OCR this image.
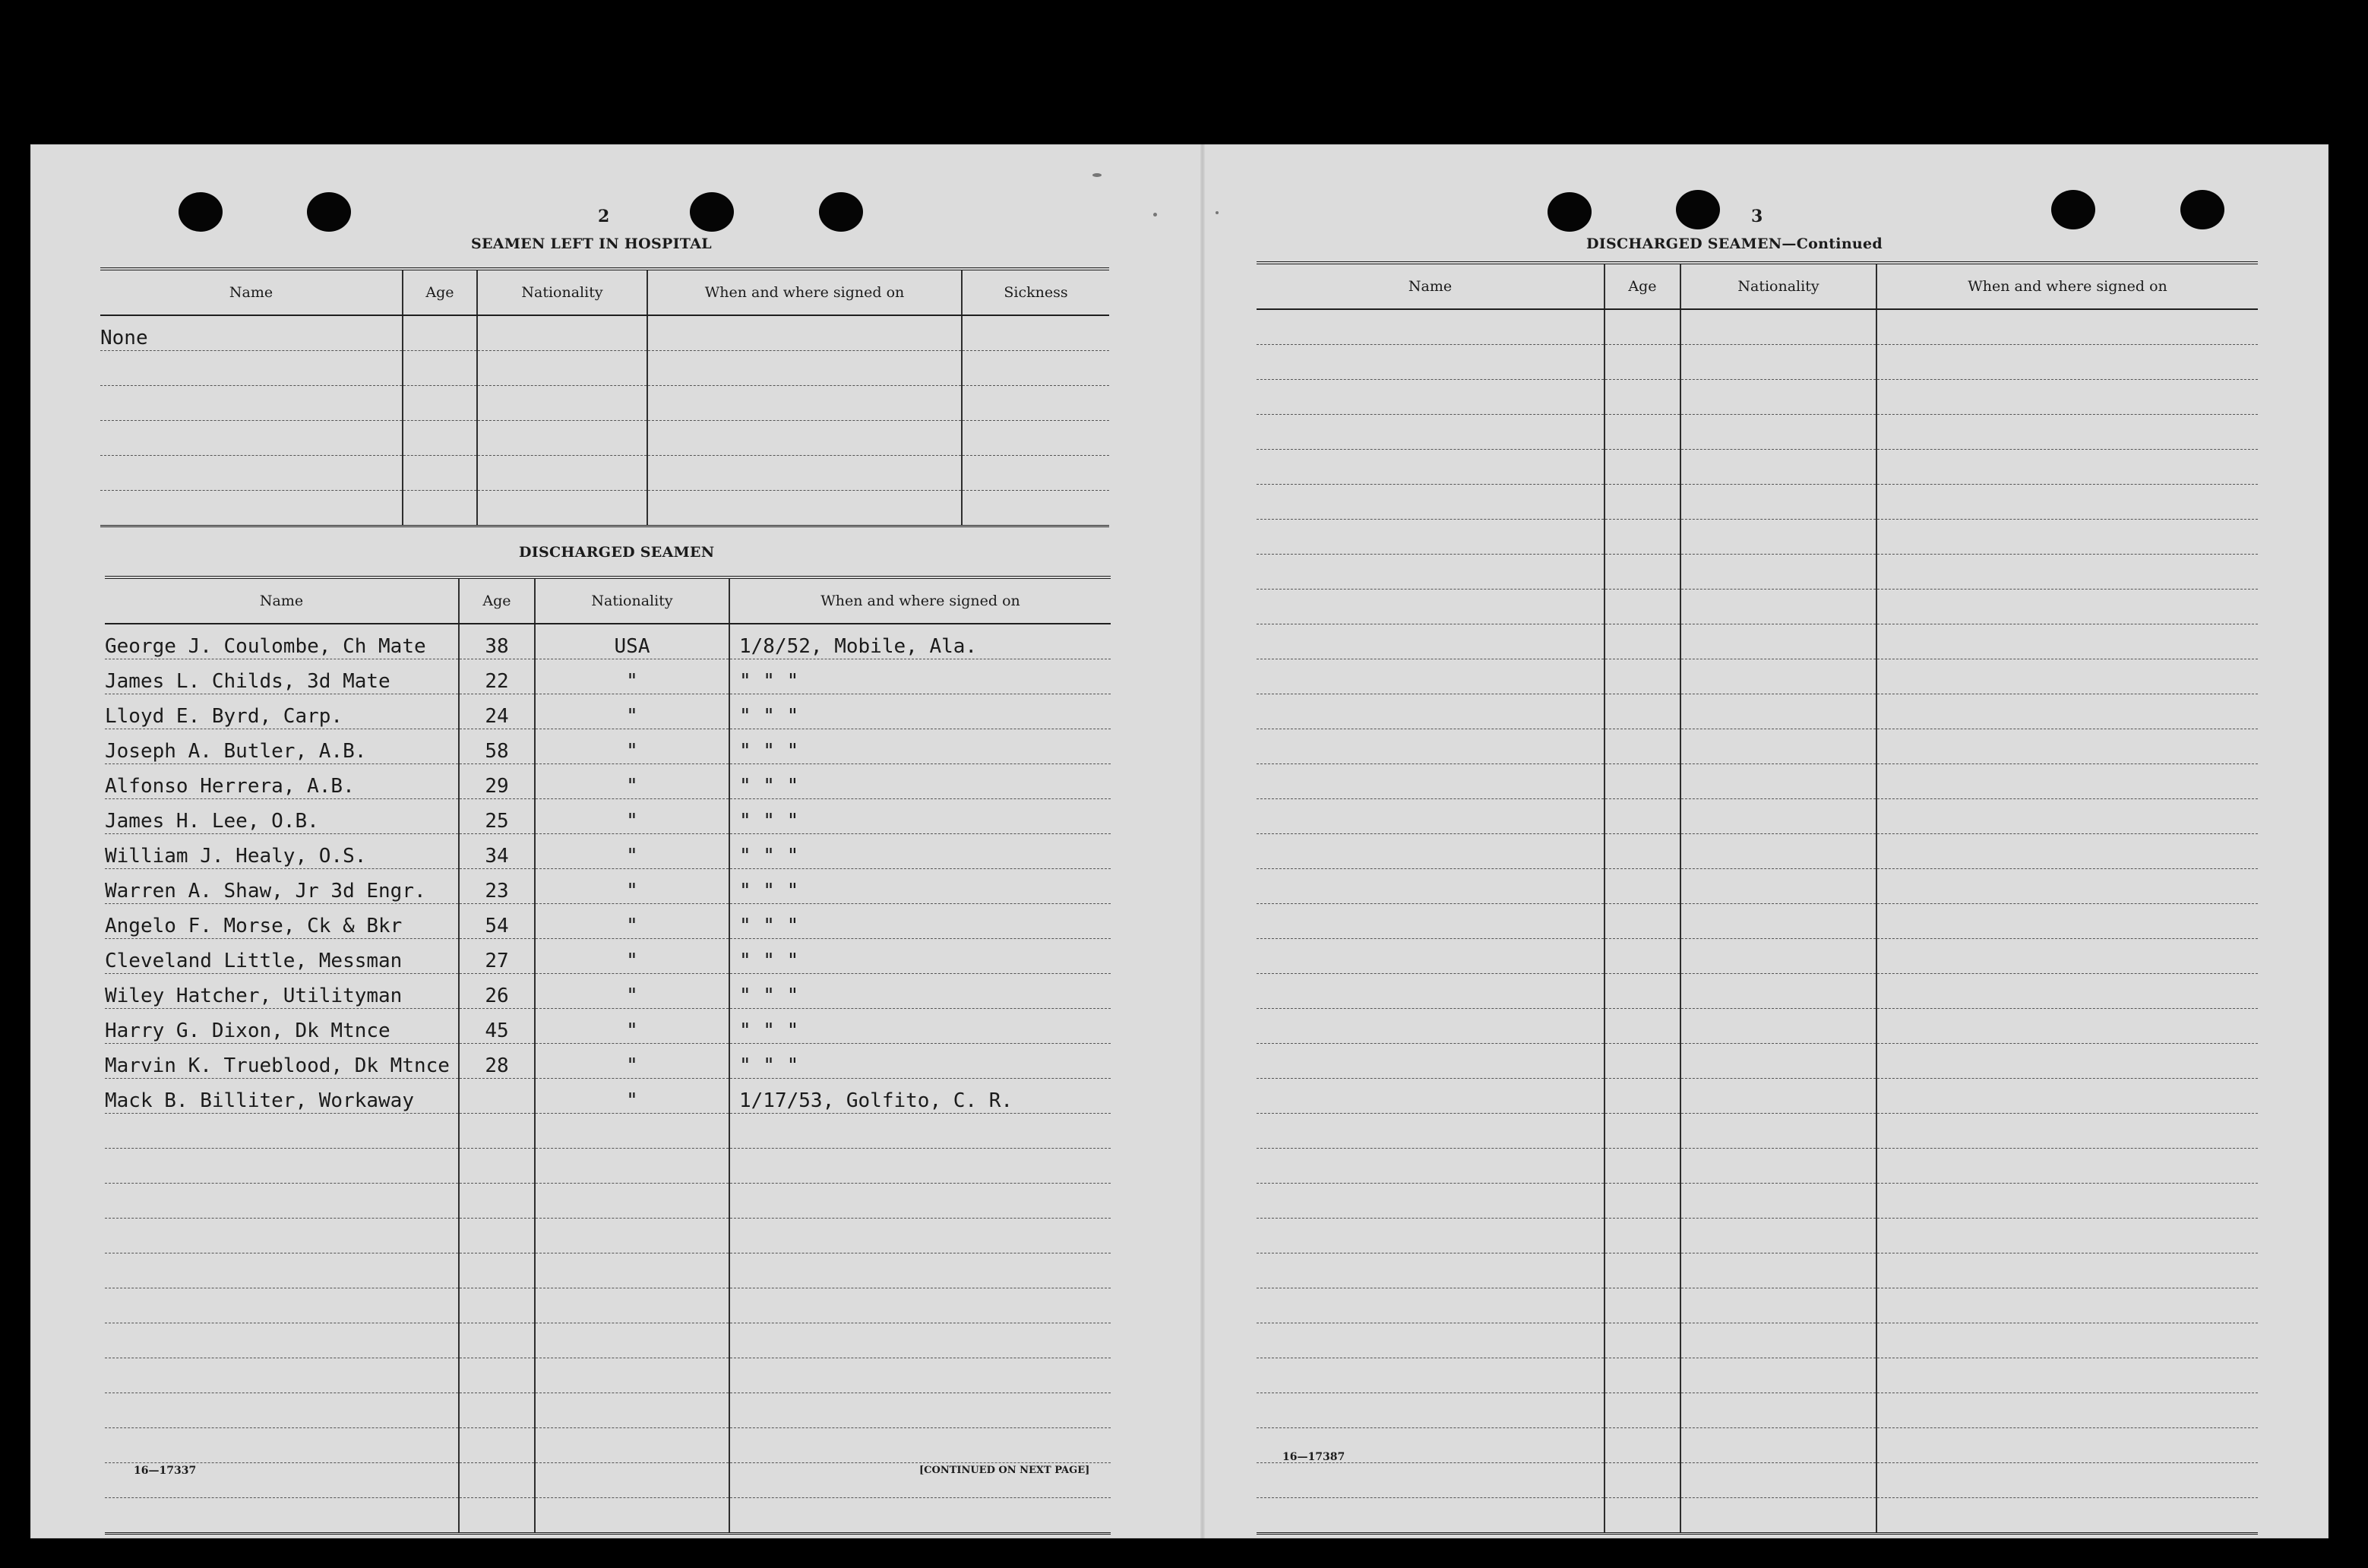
2
SEAMEN LEFT IN HOSPITAL
Name	Age	Nationality	When and where signed on	Sickness
None				

DISCHARGED SEAMEN
Name	Age	Nationality	When and where signed on
George J. Coulombe, Ch Mate	38	USA	1/8/52, Mobile, Ala.
James L. Childs, 3d Mate	22	"	" " "
Lloyd E. Byrd, Carp.	24	"	" " "
Joseph A. Butler, A.B.	58	"	" " "
Alfonso Herrera, A.B.	29	"	" " "
James H. Lee, O.B.	25	"	" " "
William J. Healy, O.S.	34	"	" " "
Warren A. Shaw, Jr 3d Engr.	23	"	" " "
Angelo F. Morse, Ck & Bkr	54	"	" " "
Cleveland Little, Messman	27	"	" " "
Wiley Hatcher, Utilityman	26	"	" " "
Harry G. Dixon, Dk Mtnce	45	"	" " "
Marvin K. Trueblood, Dk Mtnce	28	"	" " "
Mack B. Billiter, Workaway		"	1/17/53, Golfito, C. R.

16—17337	[CONTINUED ON NEXT PAGE]
3
DISCHARGED SEAMEN—Continued
Name	Age	Nationality	When and where signed on

16—17387
